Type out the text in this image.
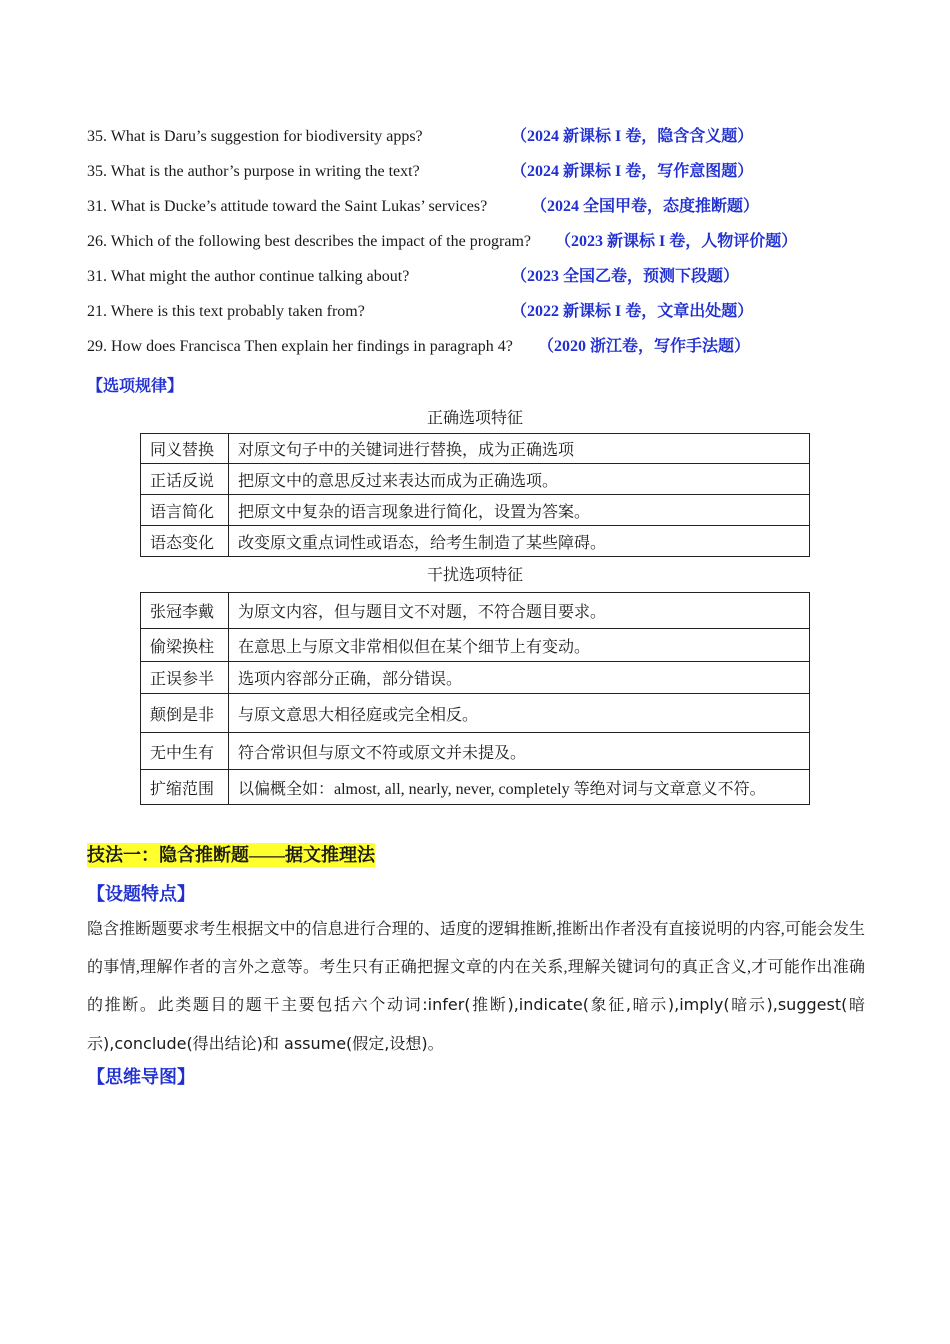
35. What is Daru’s suggestion for biodiversity apps?	（2024 新课标 I 卷，隐含含义题）
35. What is the author’s purpose in writing the text?	（2024 新课标 I 卷，写作意图题）
31. What is Ducke’s attitude toward the Saint Lukas’ services?	（2024 全国甲卷，态度推断题）
26. Which of the following best describes the impact of the program? （2023 新课标 I 卷，人物评价题）
31. What might the author continue talking about?	（2023 全国乙卷，预测下段题）
21. Where is this text probably taken from?	（2022 新课标 I 卷，文章出处题）
29. How does Francisca Then explain her findings in paragraph 4? （2020 浙江卷，写作手法题）
【选项规律】
正确选项特征
同义替换	对原文句子中的关键词进行替换，成为正确选项
正话反说	把原文中的意思反过来表达而成为正确选项。
语言简化	把原文中复杂的语言现象进行简化，设置为答案。
语态变化	改变原文重点词性或语态，给考生制造了某些障碍。
干扰选项特征
张冠李戴	为原文内容，但与题目文不对题，不符合题目要求。
偷梁换柱	在意思上与原文非常相似但在某个细节上有变动。
正误参半	选项内容部分正确，部分错误。
颠倒是非	与原文意思大相径庭或完全相反。
无中生有	符合常识但与原文不符或原文并未提及。
扩缩范围	以偏概全如：almost, all, nearly, never, completely 等绝对词与文章意义不符。
技法一：隐含推断题——据文推理法
【设题特点】
隐含推断题要求考生根据文中的信息进行合理的、适度的逻辑推断,推断出作者没有直接说明的内容,可能会发生的事情,理解作者的言外之意等。考生只有正确把握文章的内在关系,理解关键词句的真正含义,才可能作出准确的推断。此类题目的题干主要包括六个动词:infer(推断),indicate(象征,暗示),imply(暗示),suggest(暗示),conclude(得出结论)和 assume(假定,设想)。
【思维导图】
